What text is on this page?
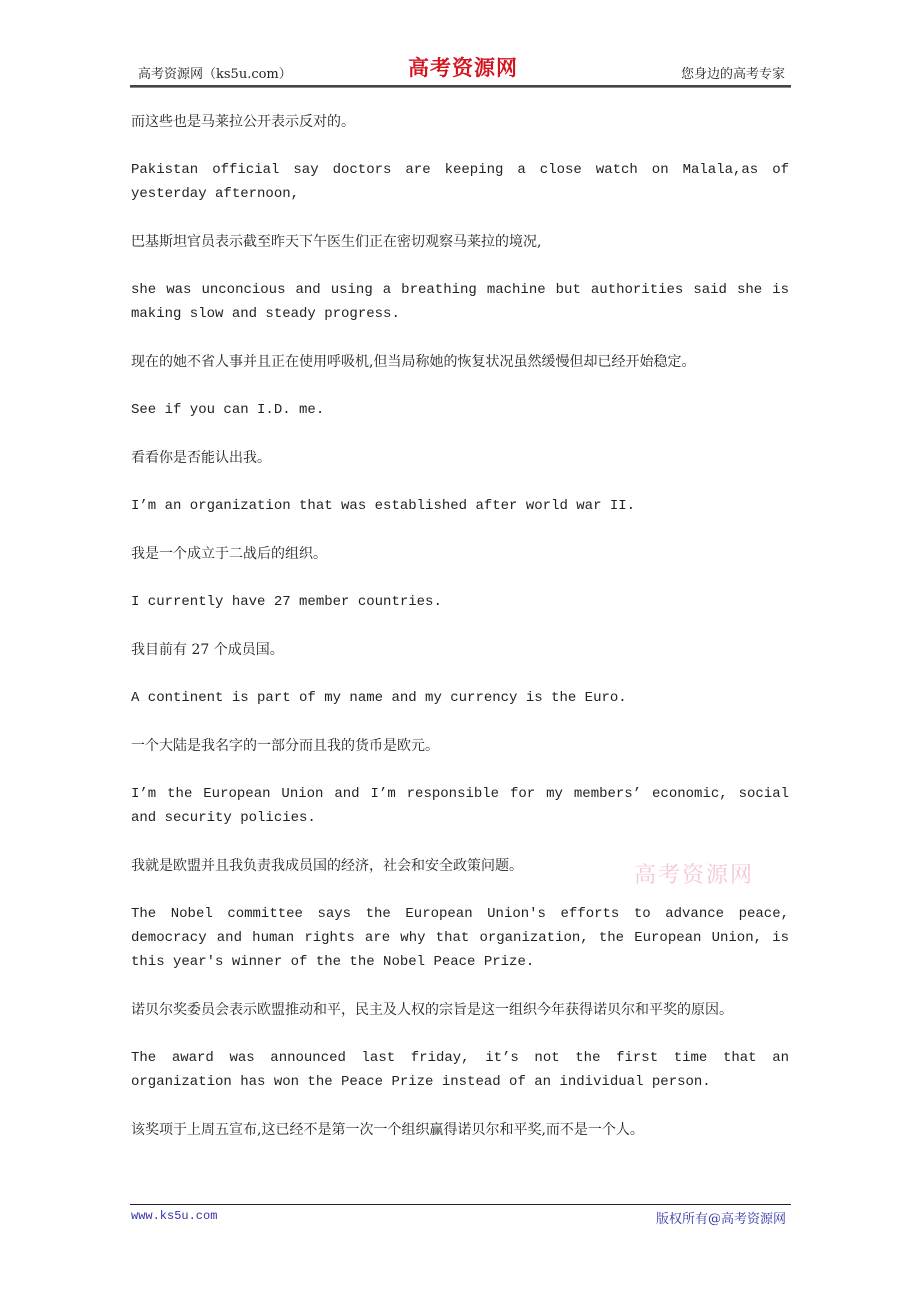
高考资源网（ks5u.com）	高考资源网	您身边的高考专家

而这些也是马莱拉公开表示反对的。

Pakistan official say doctors are keeping a close watch on Malala,as of yesterday afternoon,

巴基斯坦官员表示截至昨天下午医生们正在密切观察马莱拉的境况,

she was unconcious and using a breathing machine but authorities said she is making slow and steady progress.

现在的她不省人事并且正在使用呼吸机,但当局称她的恢复状况虽然缓慢但却已经开始稳定。

See if you can I.D. me.

看看你是否能认出我。

I’m an organization that was established after world war II.

我是一个成立于二战后的组织。

I currently have 27 member countries.

我目前有 27 个成员国。

A continent is part of my name and my currency is the Euro.

一个大陆是我名字的一部分而且我的货币是欧元。

I’m the European Union and I’m responsible for my members’ economic, social and security policies.

我就是欧盟并且我负责我成员国的经济，社会和安全政策问题。

The Nobel committee says the European Union's efforts to advance peace, democracy and human rights are why that organization, the European Union, is this year's winner of the the Nobel Peace Prize.

诺贝尔奖委员会表示欧盟推动和平，民主及人权的宗旨是这一组织今年获得诺贝尔和平奖的原因。

The award was announced last friday, it’s not the first time that an organization has won the Peace Prize instead of an individual person.

该奖项于上周五宣布,这已经不是第一次一个组织赢得诺贝尔和平奖,而不是一个人。

高考资源网
www.ks5u.com	版权所有@高考资源网
